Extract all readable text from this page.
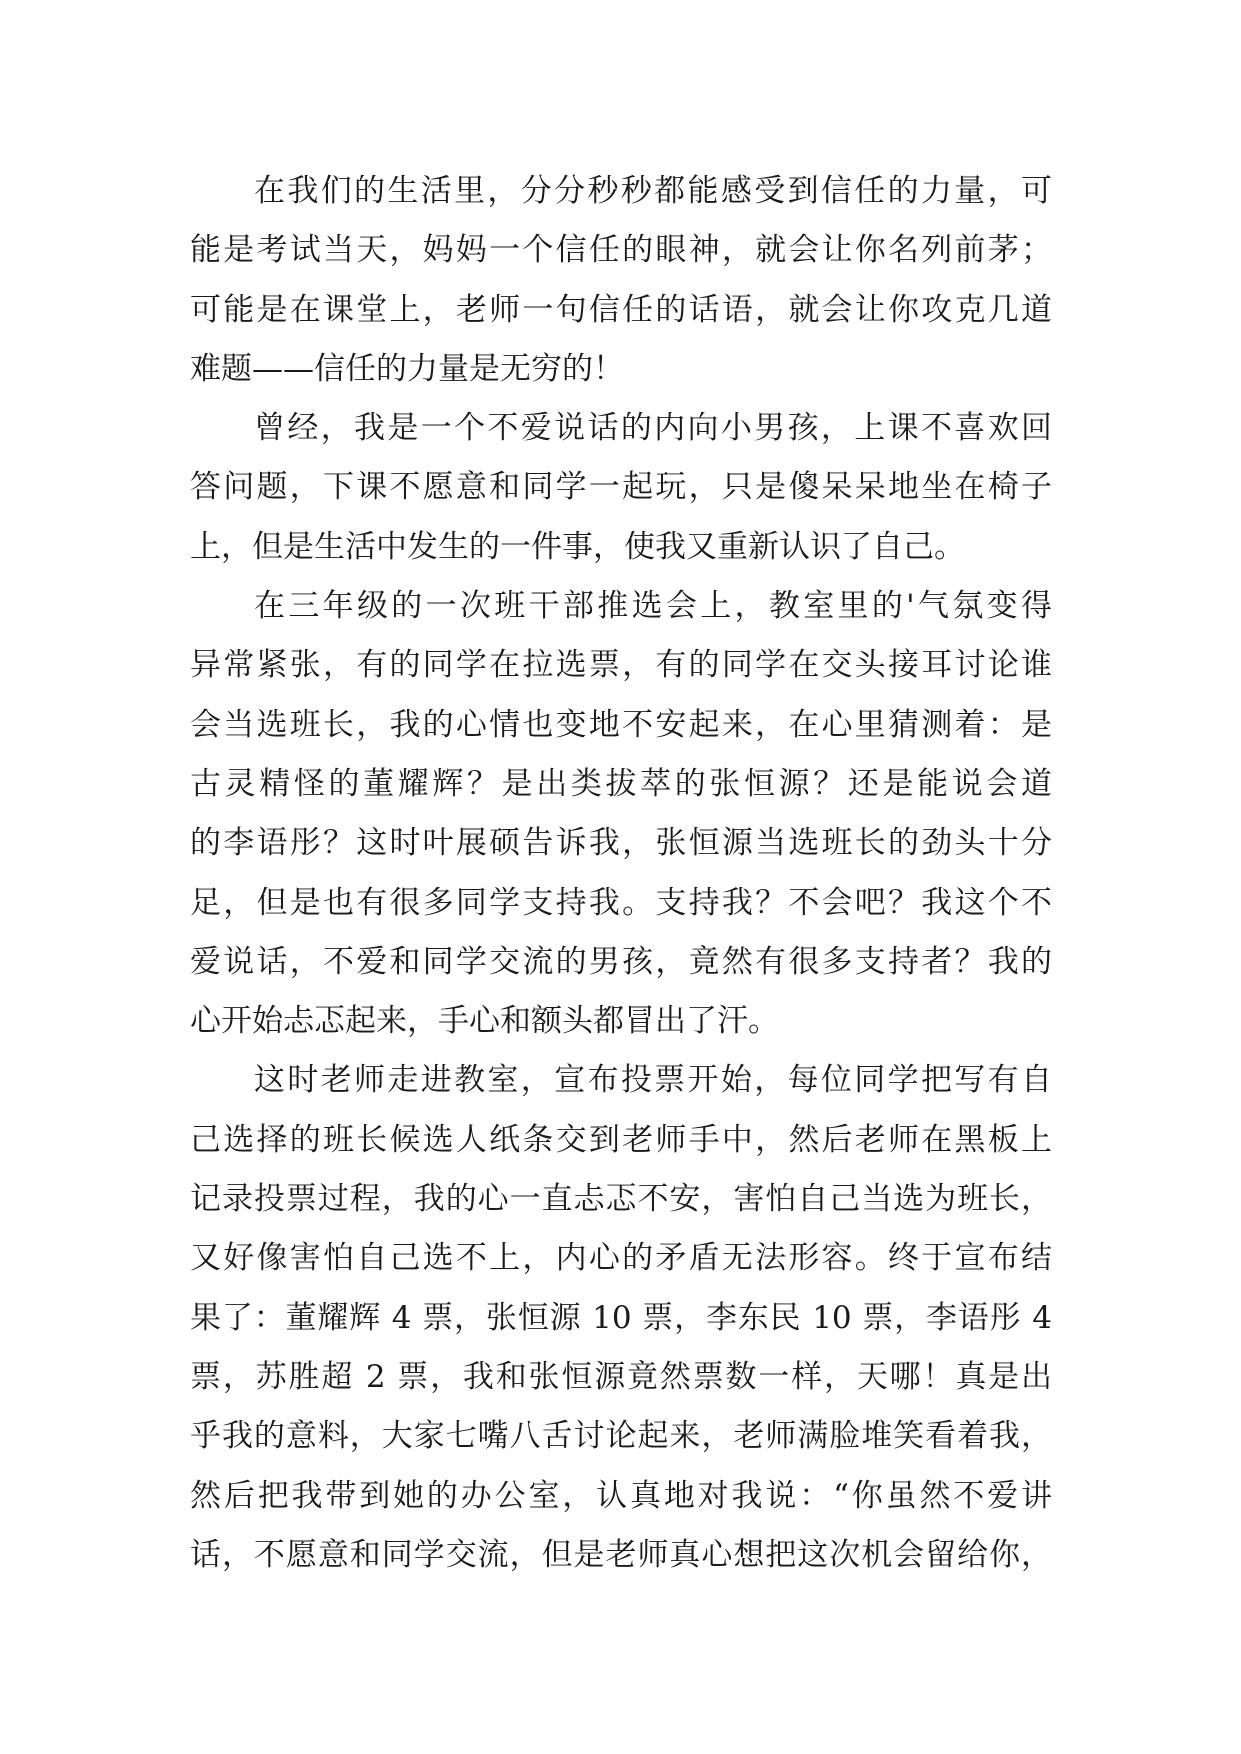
在我们的生活里，分分秒秒都能感受到信任的力量，可
能是考试当天，妈妈一个信任的眼神，就会让你名列前茅；
可能是在课堂上，老师一句信任的话语，就会让你攻克几道
难题——信任的力量是无穷的！
曾经，我是一个不爱说话的内向小男孩，上课不喜欢回
答问题，下课不愿意和同学一起玩，只是傻呆呆地坐在椅子
上，但是生活中发生的一件事，使我又重新认识了自己。
在三年级的一次班干部推选会上，教室里的'气氛变得
异常紧张，有的同学在拉选票，有的同学在交头接耳讨论谁
会当选班长，我的心情也变地不安起来，在心里猜测着：是
古灵精怪的董耀辉？是出类拔萃的张恒源？还是能说会道
的李语彤？这时叶展硕告诉我，张恒源当选班长的劲头十分
足，但是也有很多同学支持我。支持我？不会吧？我这个不
爱说话，不爱和同学交流的男孩，竟然有很多支持者？我的
心开始忐忑起来，手心和额头都冒出了汗。
这时老师走进教室，宣布投票开始，每位同学把写有自
己选择的班长候选人纸条交到老师手中，然后老师在黑板上
记录投票过程，我的心一直忐忑不安，害怕自己当选为班长，
又好像害怕自己选不上，内心的矛盾无法形容。终于宣布结
果了：董耀辉 4 票，张恒源 10 票，李东民 10 票，李语彤 4
票，苏胜超 2 票，我和张恒源竟然票数一样，天哪！真是出
乎我的意料，大家七嘴八舌讨论起来，老师满脸堆笑看着我，
然后把我带到她的办公室，认真地对我说：“你虽然不爱讲
话，不愿意和同学交流，但是老师真心想把这次机会留给你，
